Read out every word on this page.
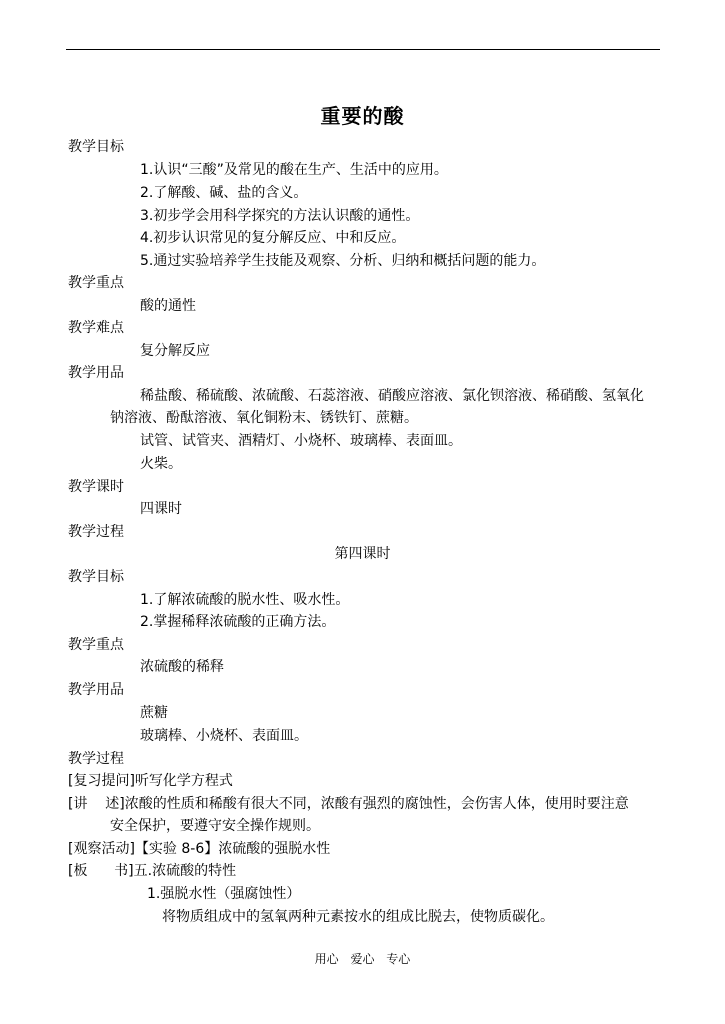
重要的酸
教学目标
1.认识“三酸”及常见的酸在生产、生活中的应用。
2.了解酸、碱、盐的含义。
3.初步学会用科学探究的方法认识酸的通性。
4.初步认识常见的复分解反应、中和反应。
5.通过实验培养学生技能及观察、分析、归纳和概括问题的能力。
教学重点
酸的通性
教学难点
复分解反应
教学用品
稀盐酸、稀硫酸、浓硫酸、石蕊溶液、硝酸应溶液、氯化钡溶液、稀硝酸、氢氧化
钠溶液、酚酞溶液、氧化铜粉末、锈铁钉、蔗糖。
试管、试管夹、酒精灯、小烧杯、玻璃棒、表面皿。
火柴。
教学课时
四课时
教学过程
第四课时
教学目标
1.了解浓硫酸的脱水性、吸水性。
2.掌握稀释浓硫酸的正确方法。
教学重点
浓硫酸的稀释
教学用品
蔗糖
玻璃棒、小烧杯、表面皿。
教学过程
[复习提问]听写化学方程式
[讲    述]浓酸的性质和稀酸有很大不同，浓酸有强烈的腐蚀性，会伤害人体，使用时要注意
安全保护，要遵守安全操作规则。
[观察活动]【实验 8-6】浓硫酸的强脱水性
[板      书]五.浓硫酸的特性
1.强脱水性（强腐蚀性）
将物质组成中的氢氧两种元素按水的组成比脱去，使物质碳化。
用心 爱心 专心
